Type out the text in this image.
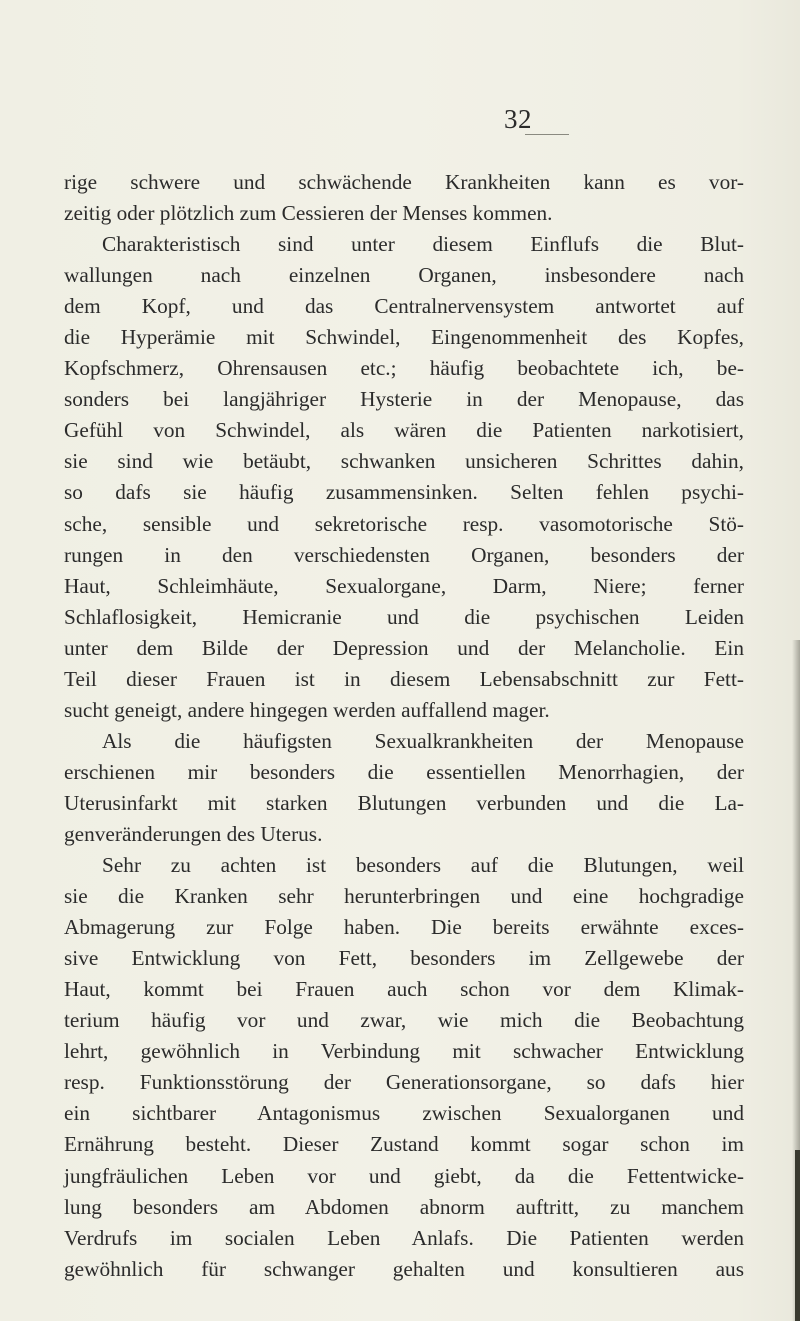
32
rige schwere und schwächende Krankheiten kann es vor-
zeitig oder plötzlich zum Cessieren der Menses kommen.
Charakteristisch sind unter diesem Einflufs die Blut-
wallungen nach einzelnen Organen, insbesondere nach
dem Kopf, und das Centralnervensystem antwortet auf
die Hyperämie mit Schwindel, Eingenommenheit des Kopfes,
Kopfschmerz, Ohrensausen etc.; häufig beobachtete ich, be-
sonders bei langjähriger Hysterie in der Menopause, das
Gefühl von Schwindel, als wären die Patienten narkotisiert,
sie sind wie betäubt, schwanken unsicheren Schrittes dahin,
so dafs sie häufig zusammensinken. Selten fehlen psychi-
sche, sensible und sekretorische resp. vasomotorische Stö-
rungen in den verschiedensten Organen, besonders der
Haut, Schleimhäute, Sexualorgane, Darm, Niere; ferner
Schlaflosigkeit, Hemicranie und die psychischen Leiden
unter dem Bilde der Depression und der Melancholie. Ein
Teil dieser Frauen ist in diesem Lebensabschnitt zur Fett-
sucht geneigt, andere hingegen werden auffallend mager.
Als die häufigsten Sexualkrankheiten der Menopause
erschienen mir besonders die essentiellen Menorrhagien, der
Uterusinfarkt mit starken Blutungen verbunden und die La-
genveränderungen des Uterus.
Sehr zu achten ist besonders auf die Blutungen, weil
sie die Kranken sehr herunterbringen und eine hochgradige
Abmagerung zur Folge haben. Die bereits erwähnte exces-
sive Entwicklung von Fett, besonders im Zellgewebe der
Haut, kommt bei Frauen auch schon vor dem Klimak-
terium häufig vor und zwar, wie mich die Beobachtung
lehrt, gewöhnlich in Verbindung mit schwacher Entwicklung
resp. Funktionsstörung der Generationsorgane, so dafs hier
ein sichtbarer Antagonismus zwischen Sexualorganen und
Ernährung besteht. Dieser Zustand kommt sogar schon im
jungfräulichen Leben vor und giebt, da die Fettentwicke-
lung besonders am Abdomen abnorm auftritt, zu manchem
Verdrufs im socialen Leben Anlafs. Die Patienten werden
gewöhnlich für schwanger gehalten und konsultieren aus
